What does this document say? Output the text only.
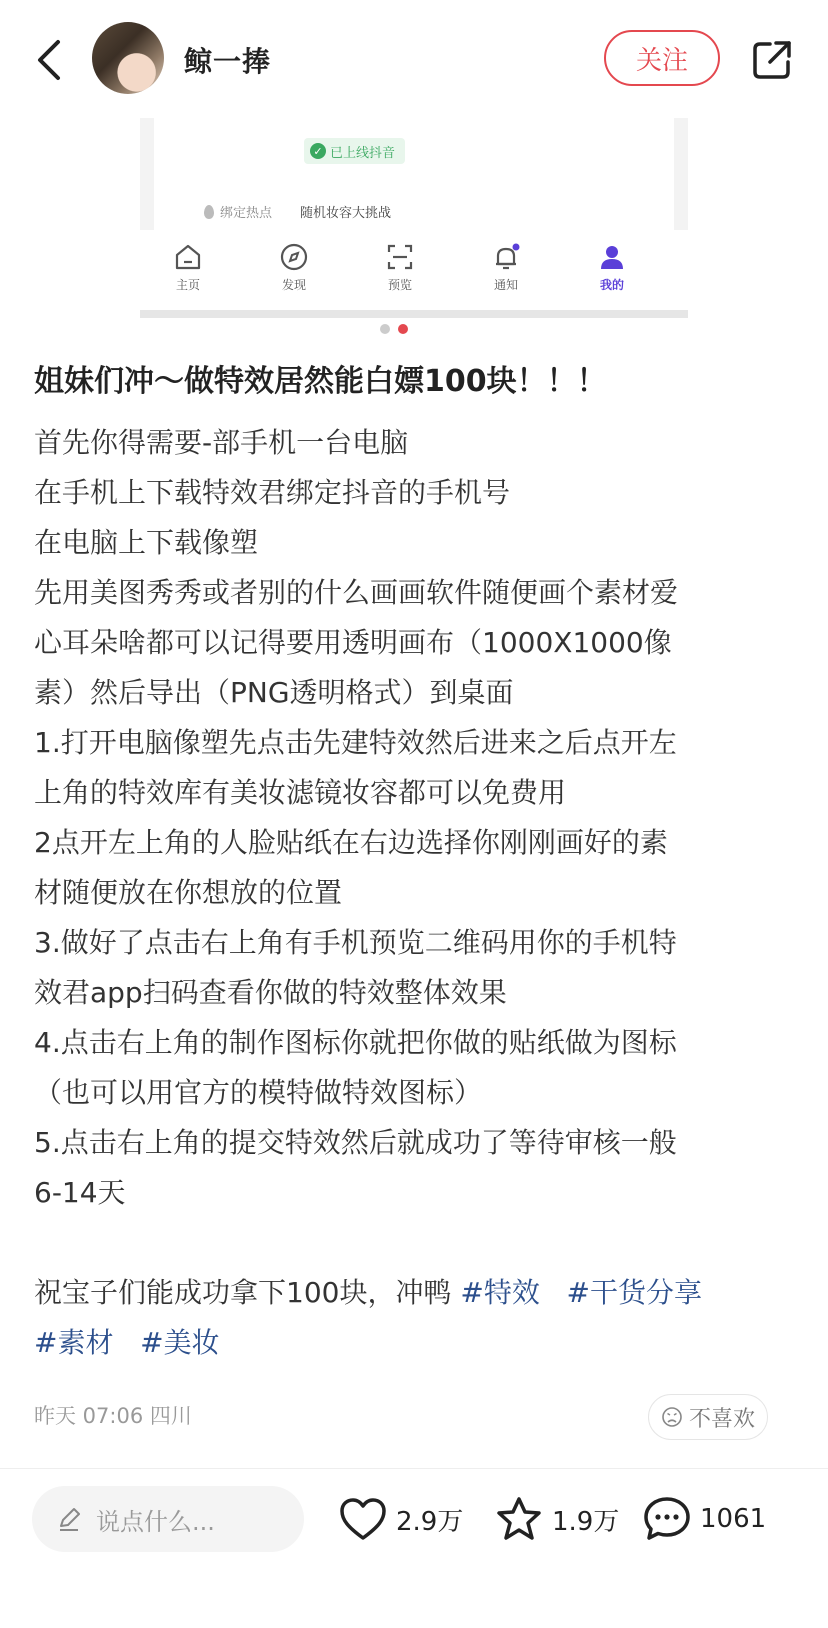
鲸一捧	关注
✓ 已上线抖音
绑定热点 随机妆容大挑战
主页	发现	预览	通知	我的
姐妹们冲～做特效居然能白嫖100块！！！

首先你得需要-部手机一台电脑

在手机上下载特效君绑定抖音的手机号

在电脑上下载像塑

先用美图秀秀或者别的什么画画软件随便画个素材爱

心耳朵啥都可以记得要用透明画布（1000X1000像

素）然后导出（PNG透明格式）到桌面

1.打开电脑像塑先点击先建特效然后进来之后点开左

上角的特效库有美妆滤镜妆容都可以免费用

2点开左上角的人脸贴纸在右边选择你刚刚画好的素

材随便放在你想放的位置

3.做好了点击右上角有手机预览二维码用你的手机特

效君app扫码查看你做的特效整体效果

4.点击右上角的制作图标你就把你做的贴纸做为图标

（也可以用官方的模特做特效图标）

5.点击右上角的提交特效然后就成功了等待审核一般

6-14天

祝宝子们能成功拿下100块，冲鸭 #特效 #干货分享

#素材 #美妆

昨天 07:06 四川	不喜欢
说点什么...	2.9万	1.9万	1061
